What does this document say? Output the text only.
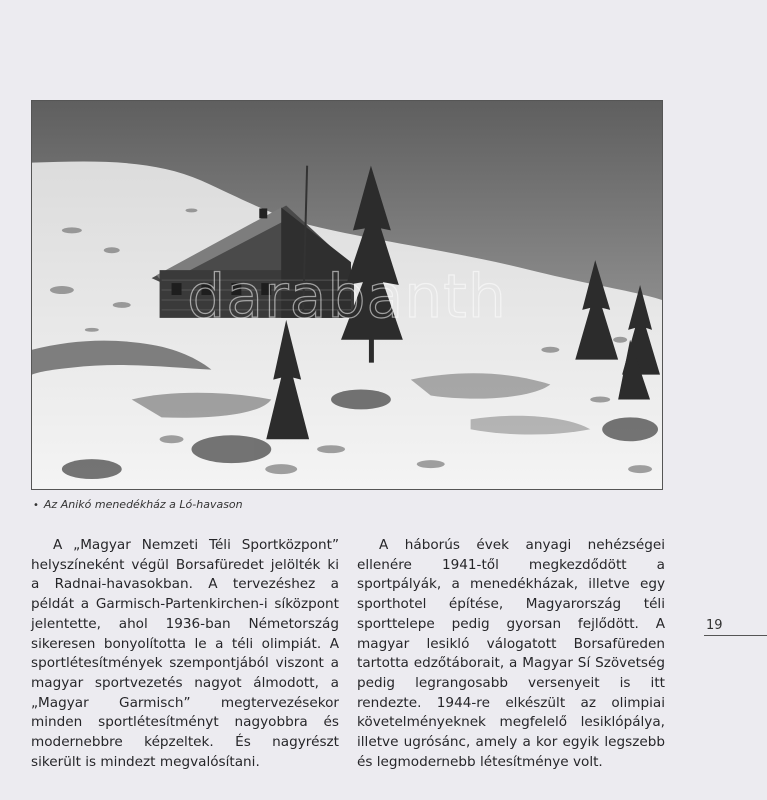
darabanth
• Az Anikó menedékház a Ló-havason

A „Magyar Nemzeti Téli Sportközpont” helyszíneként végül Borsafüredet jelölték ki a Radnai-havasokban. A tervezéshez a példát a Garmisch-Partenkirchen-i síközpont jelentette, ahol 1936-ban Németország sikeresen bonyolította le a téli olimpiát. A sportlétesítmények szempontjából viszont a magyar sportvezetés nagyot álmodott, a „Magyar Garmisch” megtervezésekor minden sportlétesítményt nagyobbra és modernebbre képzeltek. És nagyrészt sikerült is mindezt megvalósítani.

A háborús évek anyagi nehézségei ellenére 1941-től megkezdődött a sportpályák, a menedékházak, illetve egy sporthotel építése, Magyarország téli sporttelepe pedig gyorsan fejlődött. A magyar lesikló válogatott Borsafüreden tartotta edzőtáborait, a Magyar Sí Szövetség pedig legrangosabb versenyeit is itt rendezte. 1944-re elkészült az olimpiai követelményeknek megfelelő lesiklópálya, illetve ugrósánc, amely a kor egyik legszebb és legmodernebb létesítménye volt.

19
